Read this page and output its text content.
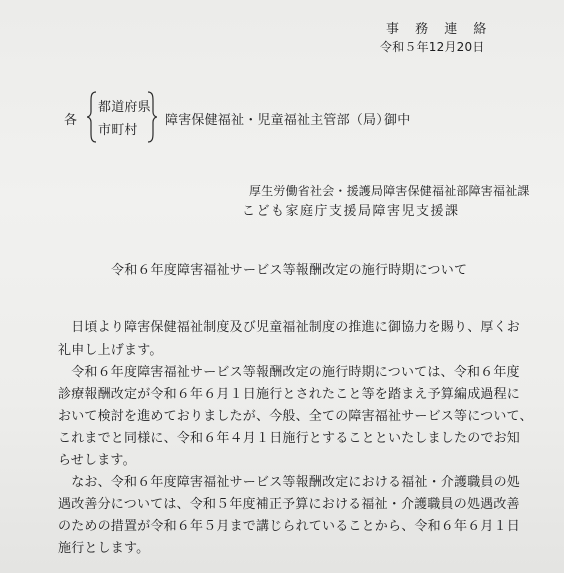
事 務 連 絡
令和５年12月20日
各
都道府県
市町村
障害保健福祉・児童福祉主管部（局）
御中
厚生労働省社会・援護局障害保健福祉部障害福祉課
こども家庭庁支援局障害児支援課
令和６年度障害福祉サービス等報酬改定の施行時期について
　日頃より障害保健福祉制度及び児童福祉制度の推進に御協力を賜り、厚くお
礼申し上げます。
　令和６年度障害福祉サービス等報酬改定の施行時期については、令和６年度
診療報酬改定が令和６年６月１日施行とされたこと等を踏まえ予算編成過程に
おいて検討を進めておりましたが、今般、全ての障害福祉サービス等について、
これまでと同様に、令和６年４月１日施行とすることといたしましたのでお知
らせします。
　なお、令和６年度障害福祉サービス等報酬改定における福祉・介護職員の処
遇改善分については、令和５年度補正予算における福祉・介護職員の処遇改善
のための措置が令和６年５月まで講じられていることから、令和６年６月１日
施行とします。
